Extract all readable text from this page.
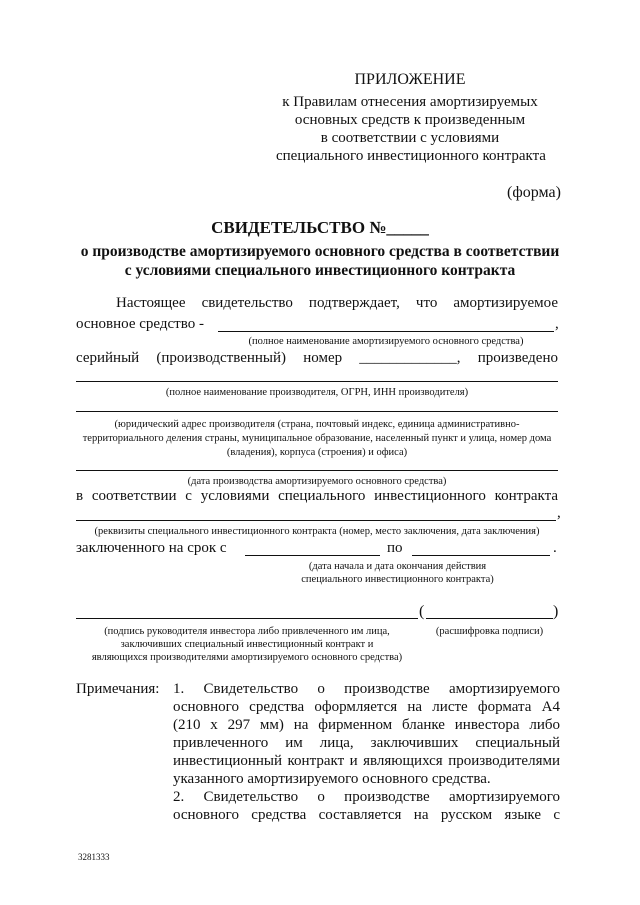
ПРИЛОЖЕНИЕ
к Правилам отнесения амортизируемых
основных средств к произведенным
в соответствии с условиями
специального инвестиционного контракта
(форма)
СВИДЕТЕЛЬСТВО №_____
о производстве амортизируемого основного средства в соответствии
с условиями специального инвестиционного контракта
Настоящее свидетельство подтверждает, что амортизируемое
основное средство -	,
(полное наименование амортизируемого основного средства)
серийный (производственный) номер _____________, произведено
(полное наименование производителя, ОГРН, ИНН производителя)
(юридический адрес производителя (страна, почтовый индекс, единица административно-
территориального деления страны, муниципальное образование, населенный пункт и улица, номер дома
(владения), корпуса (строения) и офиса)
(дата производства амортизируемого основного средства)
в соответствии с условиями специального инвестиционного контракта
,
(реквизиты специального инвестиционного контракта (номер, место заключения, дата заключения)
заключенного на срок с	по	.
(дата начала и дата окончания действия
специального инвестиционного контракта)
(	)
(подпись руководителя инвестора либо привлеченного им лица,
заключивших специальный инвестиционный контракт и
являющихся производителями амортизируемого основного средства)
(расшифровка подписи)
Примечания: 1. Свидетельство о производстве амортизируемого
основного средства оформляется на листе формата А4
(210 х 297 мм) на фирменном бланке инвестора либо
привлеченного им лица, заключивших специальный
инвестиционный контракт и являющихся производителями
указанного амортизируемого основного средства.
2. Свидетельство о производстве амортизируемого
основного средства составляется на русском языке с
3281333
